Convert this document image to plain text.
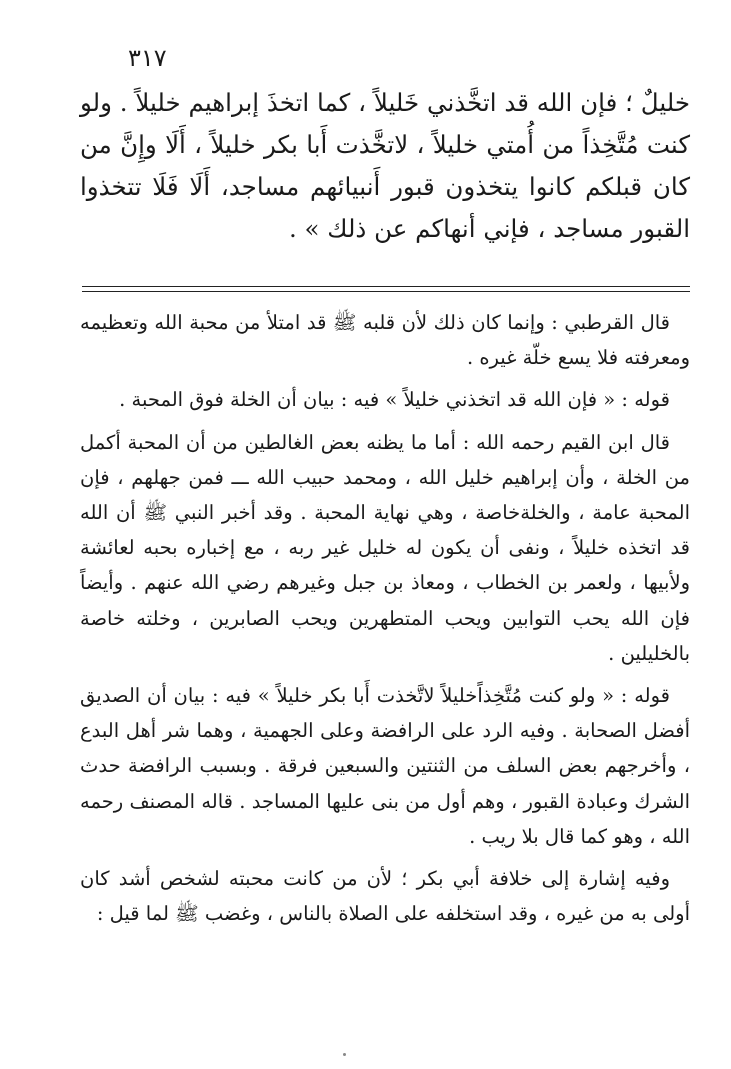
٣١٧

خليلٌ ؛ فإن الله قد اتخَّذني خَليلاً ، كما اتخذَ إبراهيم خليلاً . ولو كنت مُتَّخِذاً من أُمتي خليلاً ، لاتخَّذت أَبا بكر خليلاً ، أَلَا وإِنَّ من كان قبلكم كانوا يتخذون قبور أَنبيائهم مساجد، أَلَا فَلَا تتخذوا القبور مساجد ، فإني أنهاكم عن ذلك » .

قال القرطبي : وإنما كان ذلك لأن قلبه ﷺ قد امتلأ من محبة الله وتعظيمه ومعرفته فلا يسع خلّة غيره .

قوله : « فإن الله قد اتخذني خليلاً » فيه : بيان أن الخلة فوق المحبة .

قال ابن القيم رحمه الله : أما ما يظنه بعض الغالطين من أن المحبة أكمل من الخلة ، وأن إبراهيم خليل الله ، ومحمد حبيب الله ـــ فمن جهلهم ، فإن المحبة عامة ، والخلةخاصة ، وهي نهاية المحبة . وقد أخبر النبي ﷺ أن الله قد اتخذه خليلاً ، ونفى أن يكون له خليل غير ربه ، مع إخباره بحبه لعائشة ولأبيها ، ولعمر بن الخطاب ، ومعاذ بن جبل وغيرهم رضي الله عنهم . وأيضاً فإن الله يحب التوابين ويحب المتطهرين ويحب الصابرين ، وخلته خاصة بالخليلين .

قوله : « ولو كنت مُتَّخِذاًخليلاً لاتَّخذت أَبا بكر خليلاً » فيه : بيان أن الصديق أفضل الصحابة . وفيه الرد على الرافضة وعلى الجهمية ، وهما شر أهل البدع ، وأخرجهم بعض السلف من الثنتين والسبعين فرقة . وبسبب الرافضة حدث الشرك وعبادة القبور ، وهم أول من بنى عليها المساجد . قاله المصنف رحمه الله ، وهو كما قال بلا ريب .

وفيه إشارة إلى خلافة أبي بكر ؛ لأن من كانت محبته لشخص أشد كان أولى به من غيره ، وقد استخلفه على الصلاة بالناس ، وغضب ﷺ لما قيل :
